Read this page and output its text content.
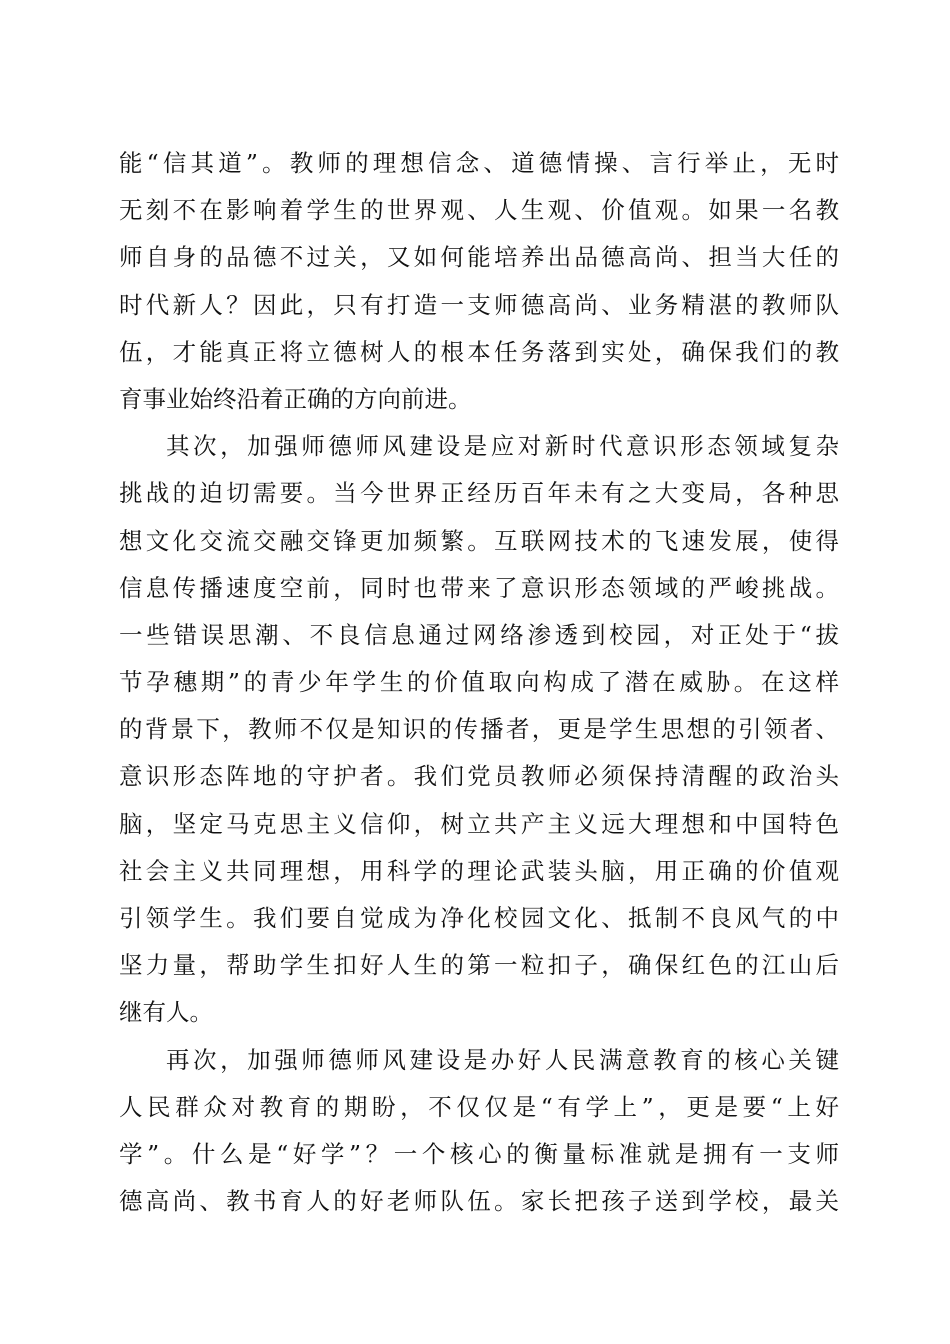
能“信其道”。教师的理想信念、道德情操、言行举止，无时
无刻不在影响着学生的世界观、人生观、价值观。如果一名教
师自身的品德不过关，又如何能培养出品德高尚、担当大任的
时代新人？因此，只有打造一支师德高尚、业务精湛的教师队
伍，才能真正将立德树人的根本任务落到实处，确保我们的教
育事业始终沿着正确的方向前进。
其次，加强师德师风建设是应对新时代意识形态领域复杂
挑战的迫切需要。当今世界正经历百年未有之大变局，各种思
想文化交流交融交锋更加频繁。互联网技术的飞速发展，使得
信息传播速度空前，同时也带来了意识形态领域的严峻挑战。
一些错误思潮、不良信息通过网络渗透到校园，对正处于“拔
节孕穗期”的青少年学生的价值取向构成了潜在威胁。在这样
的背景下，教师不仅是知识的传播者，更是学生思想的引领者、
意识形态阵地的守护者。我们党员教师必须保持清醒的政治头
脑，坚定马克思主义信仰，树立共产主义远大理想和中国特色
社会主义共同理想，用科学的理论武装头脑，用正确的价值观
引领学生。我们要自觉成为净化校园文化、抵制不良风气的中
坚力量，帮助学生扣好人生的第一粒扣子，确保红色的江山后
继有人。
再次，加强师德师风建设是办好人民满意教育的核心关键
人民群众对教育的期盼，不仅仅是“有学上”，更是要“上好
学”。什么是“好学”？一个核心的衡量标准就是拥有一支师
德高尚、教书育人的好老师队伍。家长把孩子送到学校，最关
